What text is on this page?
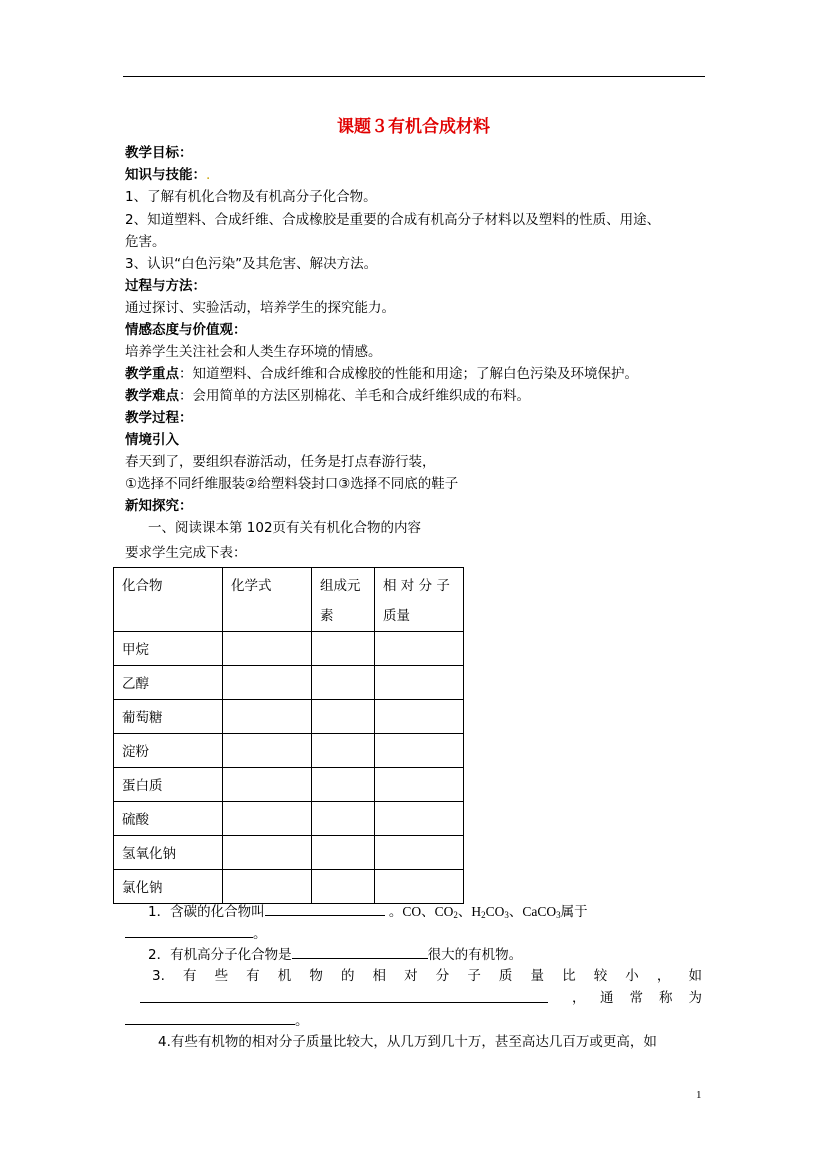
课题３有机合成材料
教学目标：
知识与技能：.
1、了解有机化合物及有机高分子化合物。
2、知道塑料、合成纤维、合成橡胶是重要的合成有机高分子材料以及塑料的性质、用途、
危害。
3、认识“白色污染”及其危害、解决方法。
过程与方法：
通过探讨、实验活动，培养学生的探究能力。
情感态度与价值观：
培养学生关注社会和人类生存环境的情感。
教学重点：知道塑料、合成纤维和合成橡胶的性能和用途；了解白色污染及环境保护。
教学难点：会用简单的方法区别棉花、羊毛和合成纤维织成的布料。
教学过程：
情境引入
春天到了，要组织春游活动，任务是打点春游行装，
①选择不同纤维服装②给塑料袋封口③选择不同底的鞋子
新知探究：
一、阅读课本第 102页有关有机化合物的内容
要求学生完成下表：
化合物	化学式	组成元
素	相 对 分 子
质量
甲烷			
乙醇			
葡萄糖			
淀粉			
蛋白质			
硫酸			
氢氧化钠			
氯化钠			
1．含碳的化合物叫	。CO、$CO_2$、$H_2CO_3$、CaCO$_3$属于
。
2．有机高分子化合物是	很大的有机物。
3. 有 些 有 机 物 的 相 对 分 子 质 量 比 较 小 ， 如
， 通 常 称 为
。
4.有些有机物的相对分子质量比较大，从几万到几十万，甚至高达几百万或更高，如
1
